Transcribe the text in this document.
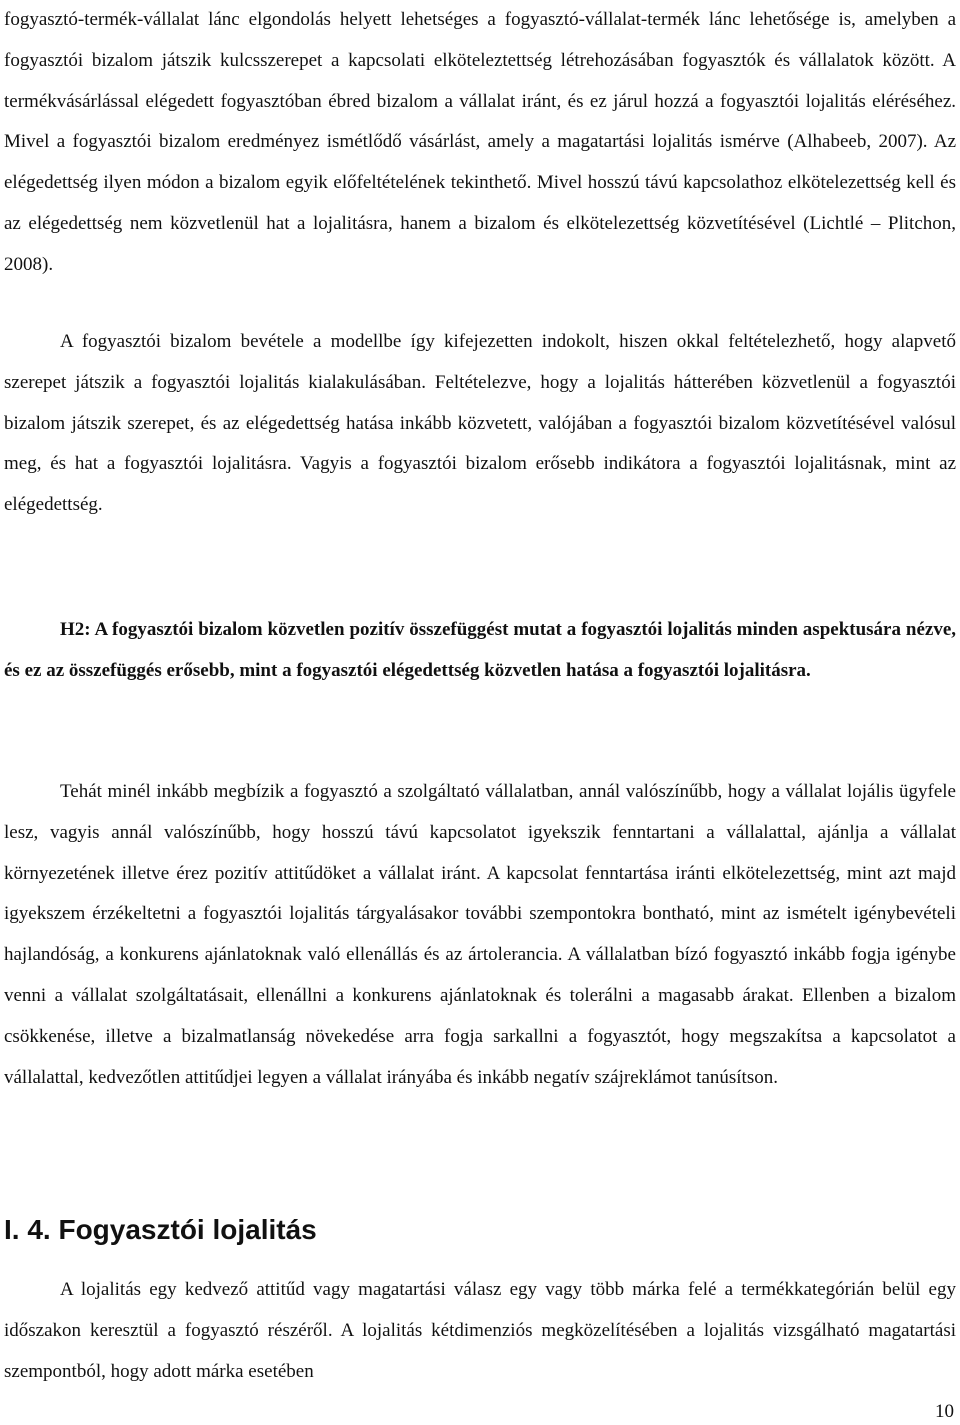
fogyasztó-termék-vállalat lánc elgondolás helyett lehetséges a fogyasztó-vállalat-termék lánc lehetősége is, amelyben a fogyasztói bizalom játszik kulcsszerepet a kapcsolati elköteleztettség létrehozásában fogyasztók és vállalatok között. A termékvásárlással elégedett fogyasztóban ébred bizalom a vállalat iránt, és ez járul hozzá a fogyasztói lojalitás eléréséhez. Mivel a fogyasztói bizalom eredményez ismétlődő vásárlást, amely a magatartási lojalitás ismérve (Alhabeeb, 2007). Az elégedettség ilyen módon a bizalom egyik előfeltételének tekinthető. Mivel hosszú távú kapcsolathoz elkötelezettség kell és az elégedettség nem közvetlenül hat a lojalitásra, hanem a bizalom és elkötelezettség közvetítésével (Lichtlé – Plitchon, 2008).

A fogyasztói bizalom bevétele a modellbe így kifejezetten indokolt, hiszen okkal feltételezhető, hogy alapvető szerepet játszik a fogyasztói lojalitás kialakulásában. Feltételezve, hogy a lojalitás hátterében közvetlenül a fogyasztói bizalom játszik szerepet, és az elégedettség hatása inkább közvetett, valójában a fogyasztói bizalom közvetítésével valósul meg, és hat a fogyasztói lojalitásra. Vagyis a fogyasztói bizalom erősebb indikátora a fogyasztói lojalitásnak, mint az elégedettség.

H2: A fogyasztói bizalom közvetlen pozitív összefüggést mutat a fogyasztói lojalitás minden aspektusára nézve, és ez az összefüggés erősebb, mint a fogyasztói elégedettség közvetlen hatása a fogyasztói lojalitásra.

Tehát minél inkább megbízik a fogyasztó a szolgáltató vállalatban, annál valószínűbb, hogy a vállalat lojális ügyfele lesz, vagyis annál valószínűbb, hogy hosszú távú kapcsolatot igyekszik fenntartani a vállalattal, ajánlja a vállalat környezetének illetve érez pozitív attitűdöket a vállalat iránt. A kapcsolat fenntartása iránti elkötelezettség, mint azt majd igyekszem érzékeltetni a fogyasztói lojalitás tárgyalásakor további szempontokra bontható, mint az ismételt igénybevételi hajlandóság, a konkurens ajánlatoknak való ellenállás és az ártolerancia. A vállalatban bízó fogyasztó inkább fogja igénybe venni a vállalat szolgáltatásait, ellenállni a konkurens ajánlatoknak és tolerálni a magasabb árakat. Ellenben a bizalom csökkenése, illetve a bizalmatlanság növekedése arra fogja sarkallni a fogyasztót, hogy megszakítsa a kapcsolatot a vállalattal, kedvezőtlen attitűdjei legyen a vállalat irányába és inkább negatív szájreklámot tanúsítson.

I. 4. Fogyasztói lojalitás

A lojalitás egy kedvező attitűd vagy magatartási válasz egy vagy több márka felé a termékkategórián belül egy időszakon keresztül a fogyasztó részéről. A lojalitás kétdimenziós megközelítésében a lojalitás vizsgálható magatartási szempontból, hogy adott márka esetében

10
